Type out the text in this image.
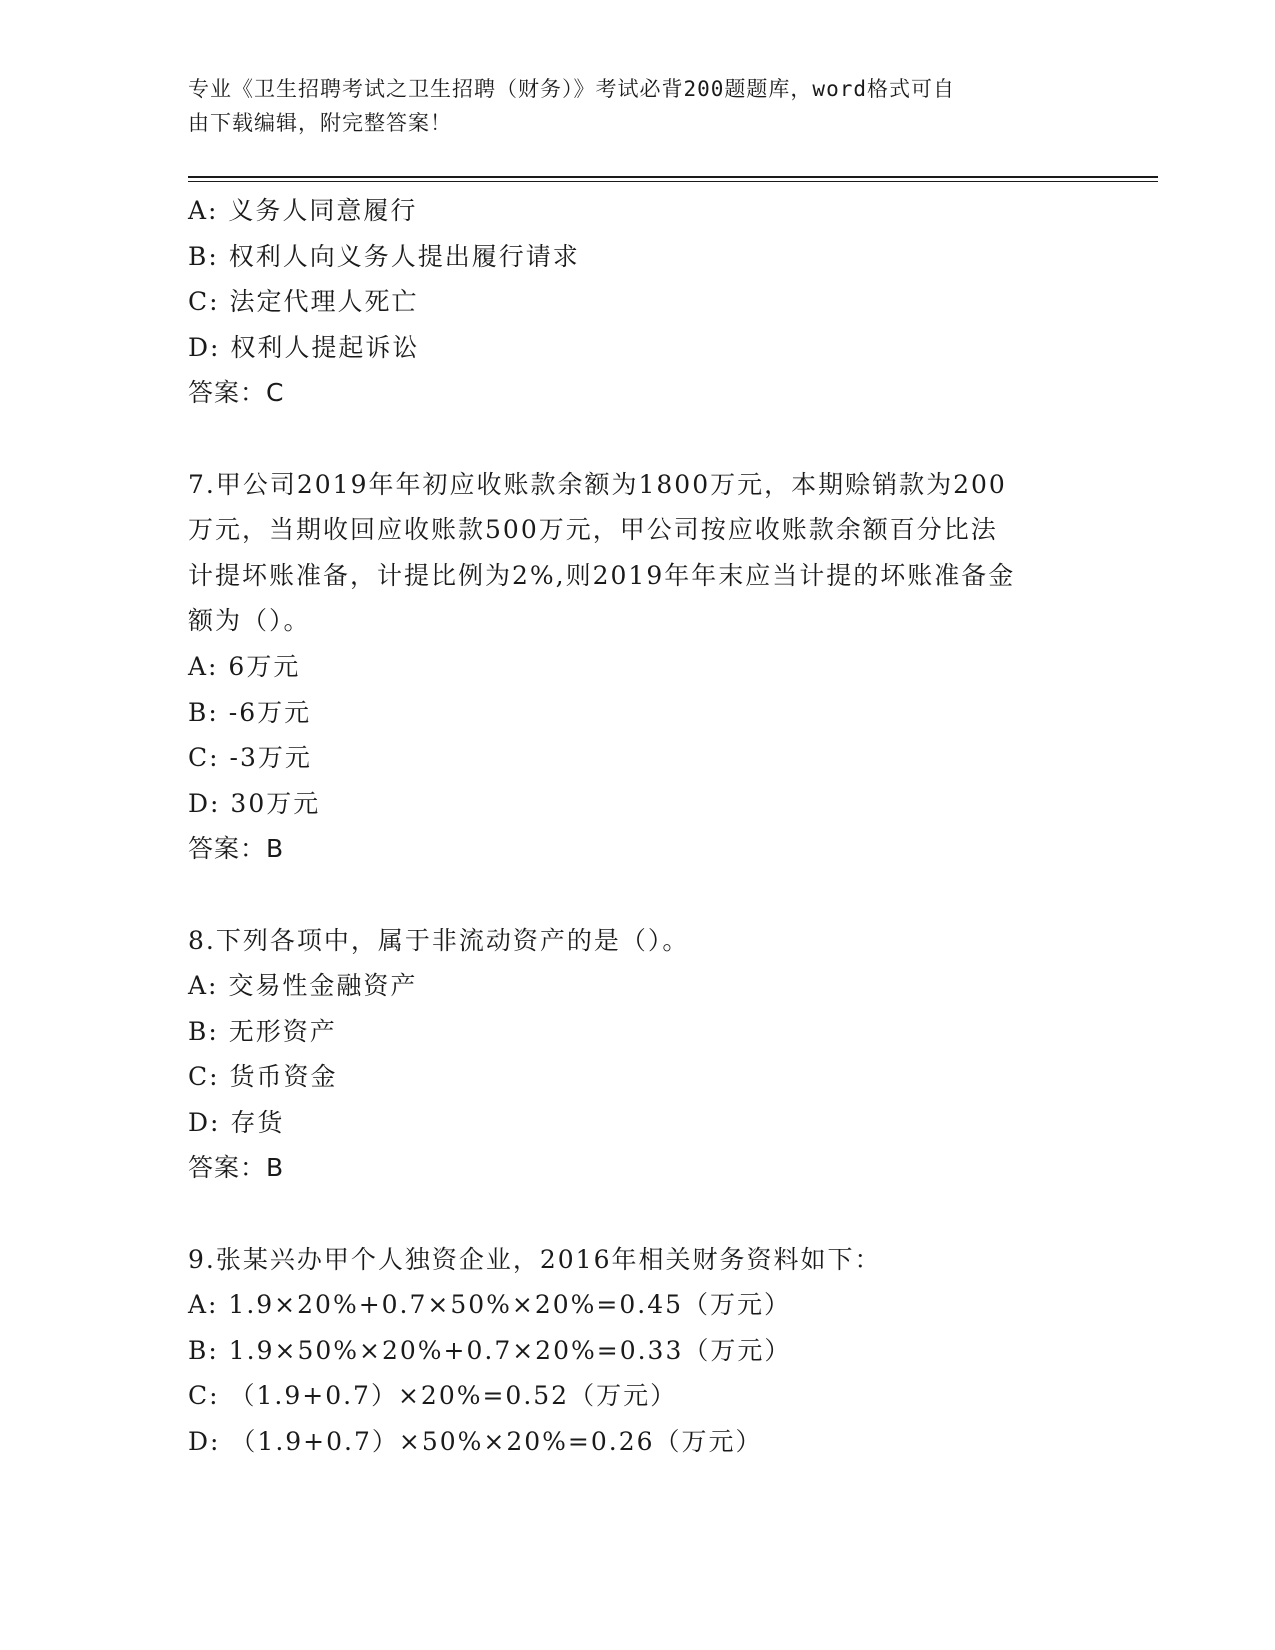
专业《卫生招聘考试之卫生招聘（财务）》考试必背200题题库，word格式可自
由下载编辑，附完整答案！
A: 义务人同意履行
B: 权利人向义务人提出履行请求
C: 法定代理人死亡
D: 权利人提起诉讼
答案：C
7.甲公司2019年年初应收账款余额为1800万元，本期赊销款为200
万元，当期收回应收账款500万元，甲公司按应收账款余额百分比法
计提坏账准备，计提比例为2%,则2019年年末应当计提的坏账准备金
额为（）。
A: 6万元
B: -6万元
C: -3万元
D: 30万元
答案：B
8.下列各项中，属于非流动资产的是（）。
A: 交易性金融资产
B: 无形资产
C: 货币资金
D: 存货
答案：B
9.张某兴办甲个人独资企业，2016年相关财务资料如下：
A: 1.9×20%+0.7×50%×20%=0.45（万元）
B: 1.9×50%×20%+0.7×20%=0.33（万元）
C: （1.9+0.7）×20%=0.52（万元）
D: （1.9+0.7）×50%×20%=0.26（万元）
